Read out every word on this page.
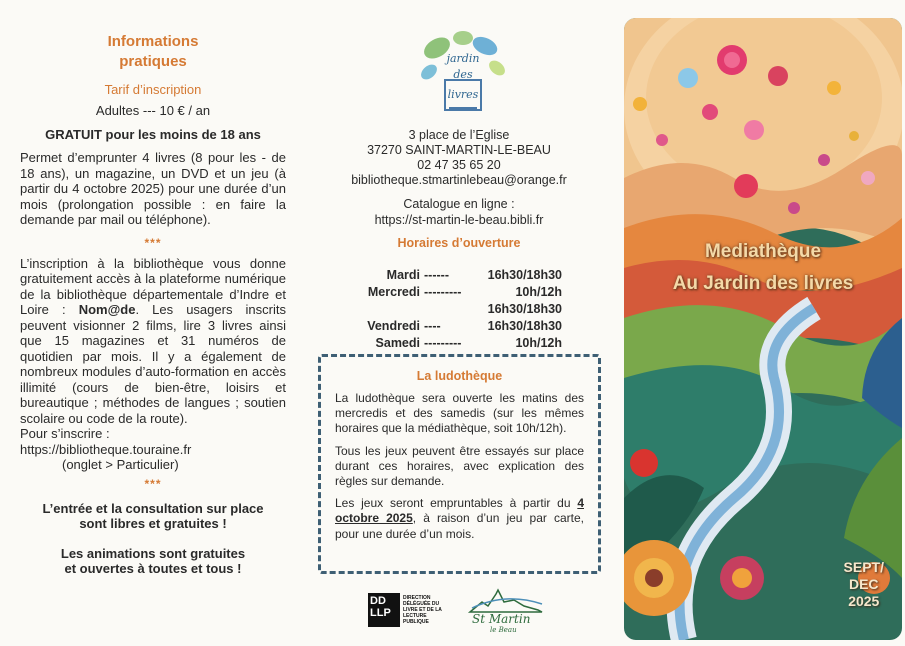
Informations
pratiques
Tarif d’inscription
Adultes --- 10 € / an
GRATUIT pour les moins de 18 ans
Permet d’emprunter 4 livres (8 pour les - de 18 ans), un magazine, un DVD et un jeu (à partir du 4 octobre 2025) pour une durée d’un mois (prolongation possible : en faire la demande par mail ou téléphone).
***
L’inscription à la bibliothèque vous donne gratuitement accès à la plateforme numérique de la bibliothèque départementale d’Indre et Loire : Nom@de. Les usagers inscrits peuvent visionner 2 films, lire 3 livres ainsi que 15 magazines et 31 numéros de quotidien par mois. Il y a également de nombreux modules d’auto-formation en accès illimité (cours de bien-être, loisirs et bureautique ; méthodes de langues ; soutien scolaire ou code de la route).
Pour s’inscrire :
https://bibliotheque.touraine.fr
(onglet > Particulier)
***
L’entrée et la consultation sur place
sont libres et gratuites !
Les animations sont gratuites
et ouvertes à toutes et tous !
jardin
des
livres
3 place de l’Eglise
37270 SAINT-MARTIN-LE-BEAU
02 47 35 65 20
bibliotheque.stmartinlebeau@orange.fr
Catalogue en ligne :
https://st-martin-le-beau.bibli.fr
Horaires d’ouverture
Mardi ------	16h30/18h30
Mercredi ---------	10h/12h
16h30/18h30
Vendredi ----	16h30/18h30
Samedi ---------	10h/12h
La ludothèque

La ludothèque sera ouverte les matins des mercredis et des samedis (sur les mêmes horaires que la médiathèque, soit 10h/12h).

Tous les jeux peuvent être essayés sur place durant ces horaires, avec explication des règles sur demande.

Les jeux seront empruntables à partir du 4 octobre 2025, à raison d’un jeu par carte, pour une durée d’un mois.

DD LLP
DIRECTION DÉLÉGUÉE DU LIVRE ET DE LA LECTURE PUBLIQUE	St Martin
le Beau
Mediathèque
Au Jardin des livres
SEPT/
DEC
2025
